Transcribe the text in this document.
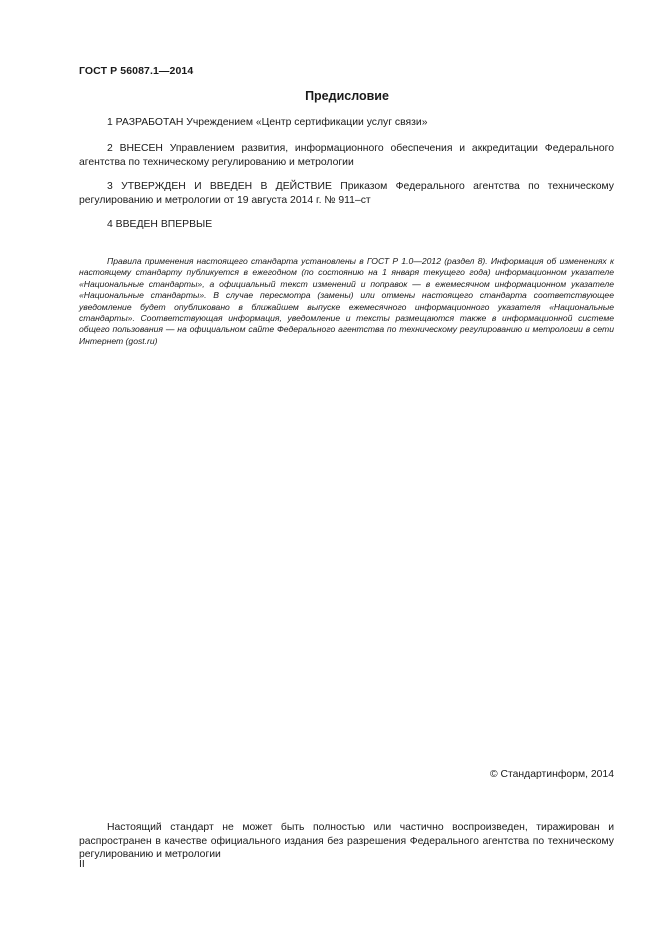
ГОСТ Р 56087.1—2014
Предисловие
1 РАЗРАБОТАН Учреждением «Центр сертификации услуг связи»
2 ВНЕСЕН Управлением развития, информационного обеспечения и аккредитации Федерального агентства по техническому регулированию и метрологии
3 УТВЕРЖДЕН И ВВЕДЕН В ДЕЙСТВИЕ Приказом Федерального агентства по техническому регулированию и метрологии от 19 августа 2014 г. № 911–ст
4 ВВЕДЕН ВПЕРВЫЕ
Правила применения настоящего стандарта установлены в ГОСТ Р 1.0—2012 (раздел 8). Информация об изменениях к настоящему стандарту публикуется в ежегодном (по состоянию на 1 января текущего года) информационном указателе «Национальные стандарты», а официальный текст изменений и поправок — в ежемесячном информационном указателе «Национальные стандарты». В случае пересмотра (замены) или отмены настоящего стандарта соответствующее уведомление будет опубликовано в ближайшем выпуске ежемесячного информационного указателя «Национальные стандарты». Соответствующая информация, уведомление и тексты размещаются также в информационной системе общего пользования — на официальном сайте Федерального агентства по техническому регулированию и метрологии в сети Интернет (gost.ru)
© Стандартинформ, 2014
Настоящий стандарт не может быть полностью или частично воспроизведен, тиражирован и распространен в качестве официального издания без разрешения Федерального агентства по техническому регулированию и метрологии
II
